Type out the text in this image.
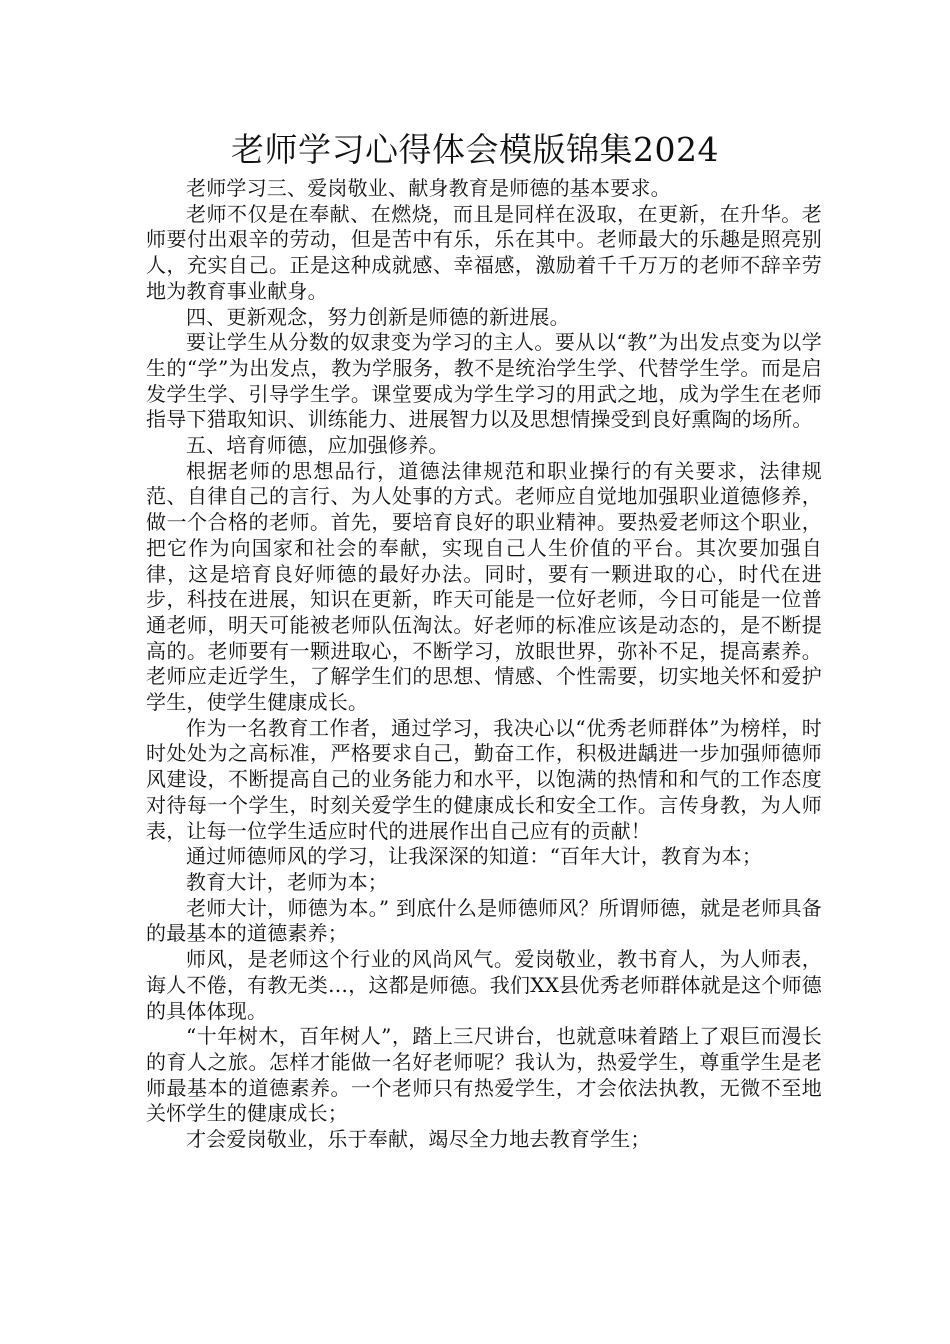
老师学习心得体会模版锦集2024

老师学习三、爱岗敬业、献身教育是师德的基本要求。

老师不仅是在奉献、在燃烧，而且是同样在汲取，在更新，在升华。老师要付出艰辛的劳动，但是苦中有乐，乐在其中。老师最大的乐趣是照亮别人，充实自己。正是这种成就感、幸福感，激励着千千万万的老师不辞辛劳地为教育事业献身。

四、更新观念，努力创新是师德的新进展。

要让学生从分数的奴隶变为学习的主人。要从以“教”为出发点变为以学生的“学”为出发点，教为学服务，教不是统治学生学、代替学生学。而是启发学生学、引导学生学。课堂要成为学生学习的用武之地，成为学生在老师指导下猎取知识、训练能力、进展智力以及思想情操受到良好熏陶的场所。

五、培育师德，应加强修养。

根据老师的思想品行，道德法律规范和职业操行的有关要求，法律规范、自律自己的言行、为人处事的方式。老师应自觉地加强职业道德修养，做一个合格的老师。首先，要培育良好的职业精神。要热爱老师这个职业，把它作为向国家和社会的奉献，实现自己人生价值的平台。其次要加强自律，这是培育良好师德的最好办法。同时，要有一颗进取的心，时代在进步，科技在进展，知识在更新，昨天可能是一位好老师，今日可能是一位普通老师，明天可能被老师队伍淘汰。好老师的标准应该是动态的，是不断提高的。老师要有一颗进取心，不断学习，放眼世界，弥补不足，提高素养。老师应走近学生，了解学生们的思想、情感、个性需要，切实地关怀和爱护学生，使学生健康成长。

作为一名教育工作者，通过学习，我决心以“优秀老师群体”为榜样，时时处处为之高标准，严格要求自己，勤奋工作，积极进龋进一步加强师德师风建设，不断提高自己的业务能力和水平，以饱满的热情和和气的工作态度对待每一个学生，时刻关爱学生的健康成长和安全工作。言传身教，为人师表，让每一位学生适应时代的进展作出自己应有的贡献！

通过师德师风的学习，让我深深的知道：“百年大计，教育为本；

教育大计，老师为本；

老师大计，师德为本。” 到底什么是师德师风？所谓师德，就是老师具备的最基本的道德素养；

师风，是老师这个行业的风尚风气。爱岗敬业，教书育人，为人师表，诲人不倦，有教无类…，这都是师德。我们XX县优秀老师群体就是这个师德的具体体现。

“十年树木，百年树人”，踏上三尺讲台，也就意味着踏上了艰巨而漫长的育人之旅。怎样才能做一名好老师呢？我认为，热爱学生，尊重学生是老师最基本的道德素养。一个老师只有热爱学生，才会依法执教，无微不至地关怀学生的健康成长；

才会爱岗敬业，乐于奉献，竭尽全力地去教育学生；
